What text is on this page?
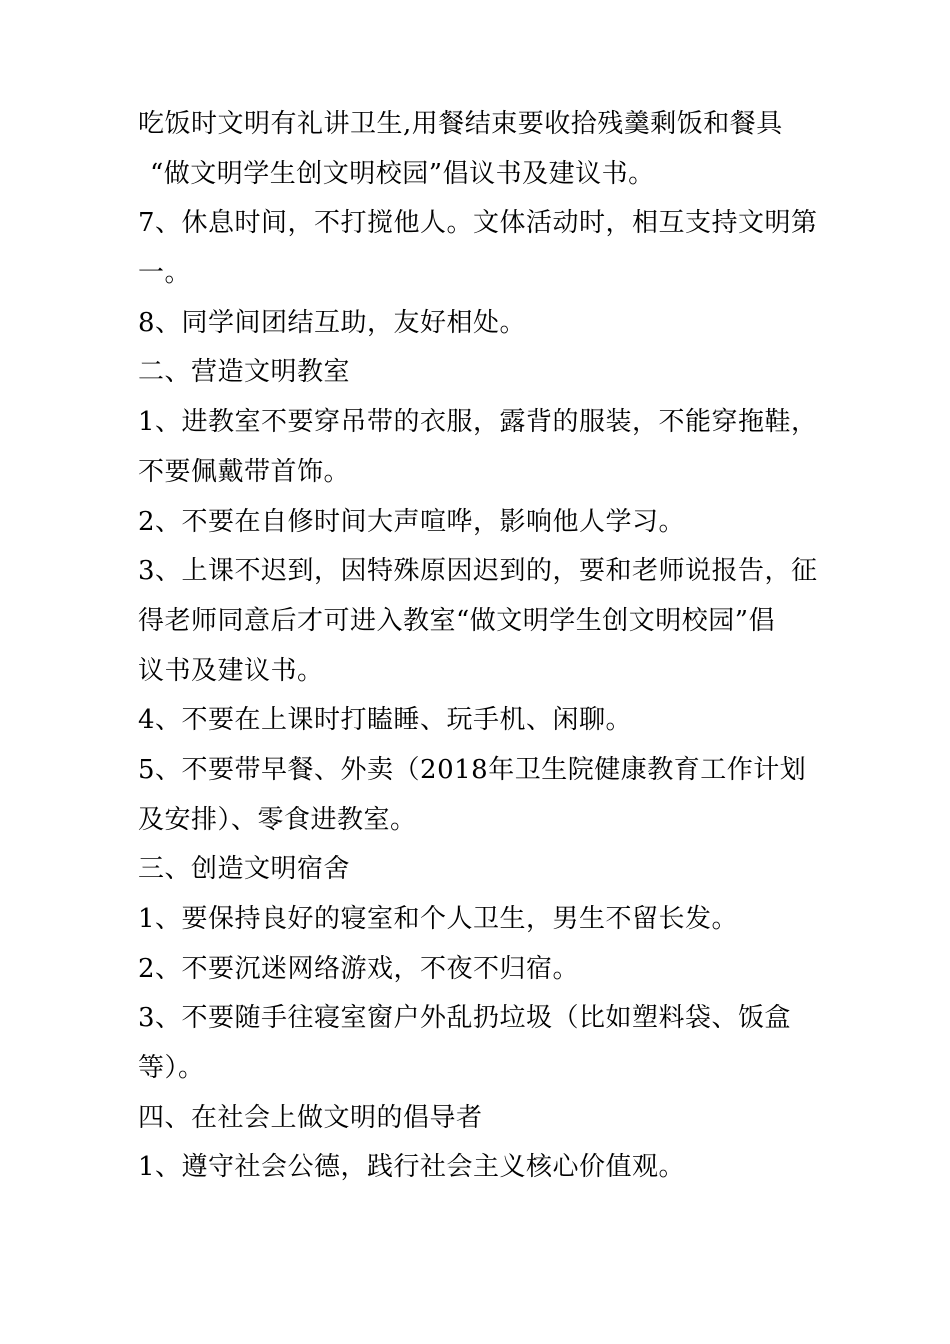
吃饭时文明有礼讲卫生,用餐结束要收拾残羹剩饭和餐具
“做文明学生创文明校园”倡议书及建议书。
7、休息时间，不打搅他人。文体活动时，相互支持文明第
一。
8、同学间团结互助，友好相处。
二、营造文明教室
1、进教室不要穿吊带的衣服，露背的服装，不能穿拖鞋，
不要佩戴带首饰。
2、不要在自修时间大声喧哗，影响他人学习。
3、上课不迟到，因特殊原因迟到的，要和老师说报告，征
得老师同意后才可进入教室“做文明学生创文明校园”倡
议书及建议书。
4、不要在上课时打瞌睡、玩手机、闲聊。
5、不要带早餐、外卖（2018年卫生院健康教育工作计划
及安排）、零食进教室。
三、创造文明宿舍
1、要保持良好的寝室和个人卫生，男生不留长发。
2、不要沉迷网络游戏，不夜不归宿。
3、不要随手往寝室窗户外乱扔垃圾（比如塑料袋、饭盒
等）。
四、在社会上做文明的倡导者
1、遵守社会公德，践行社会主义核心价值观。
